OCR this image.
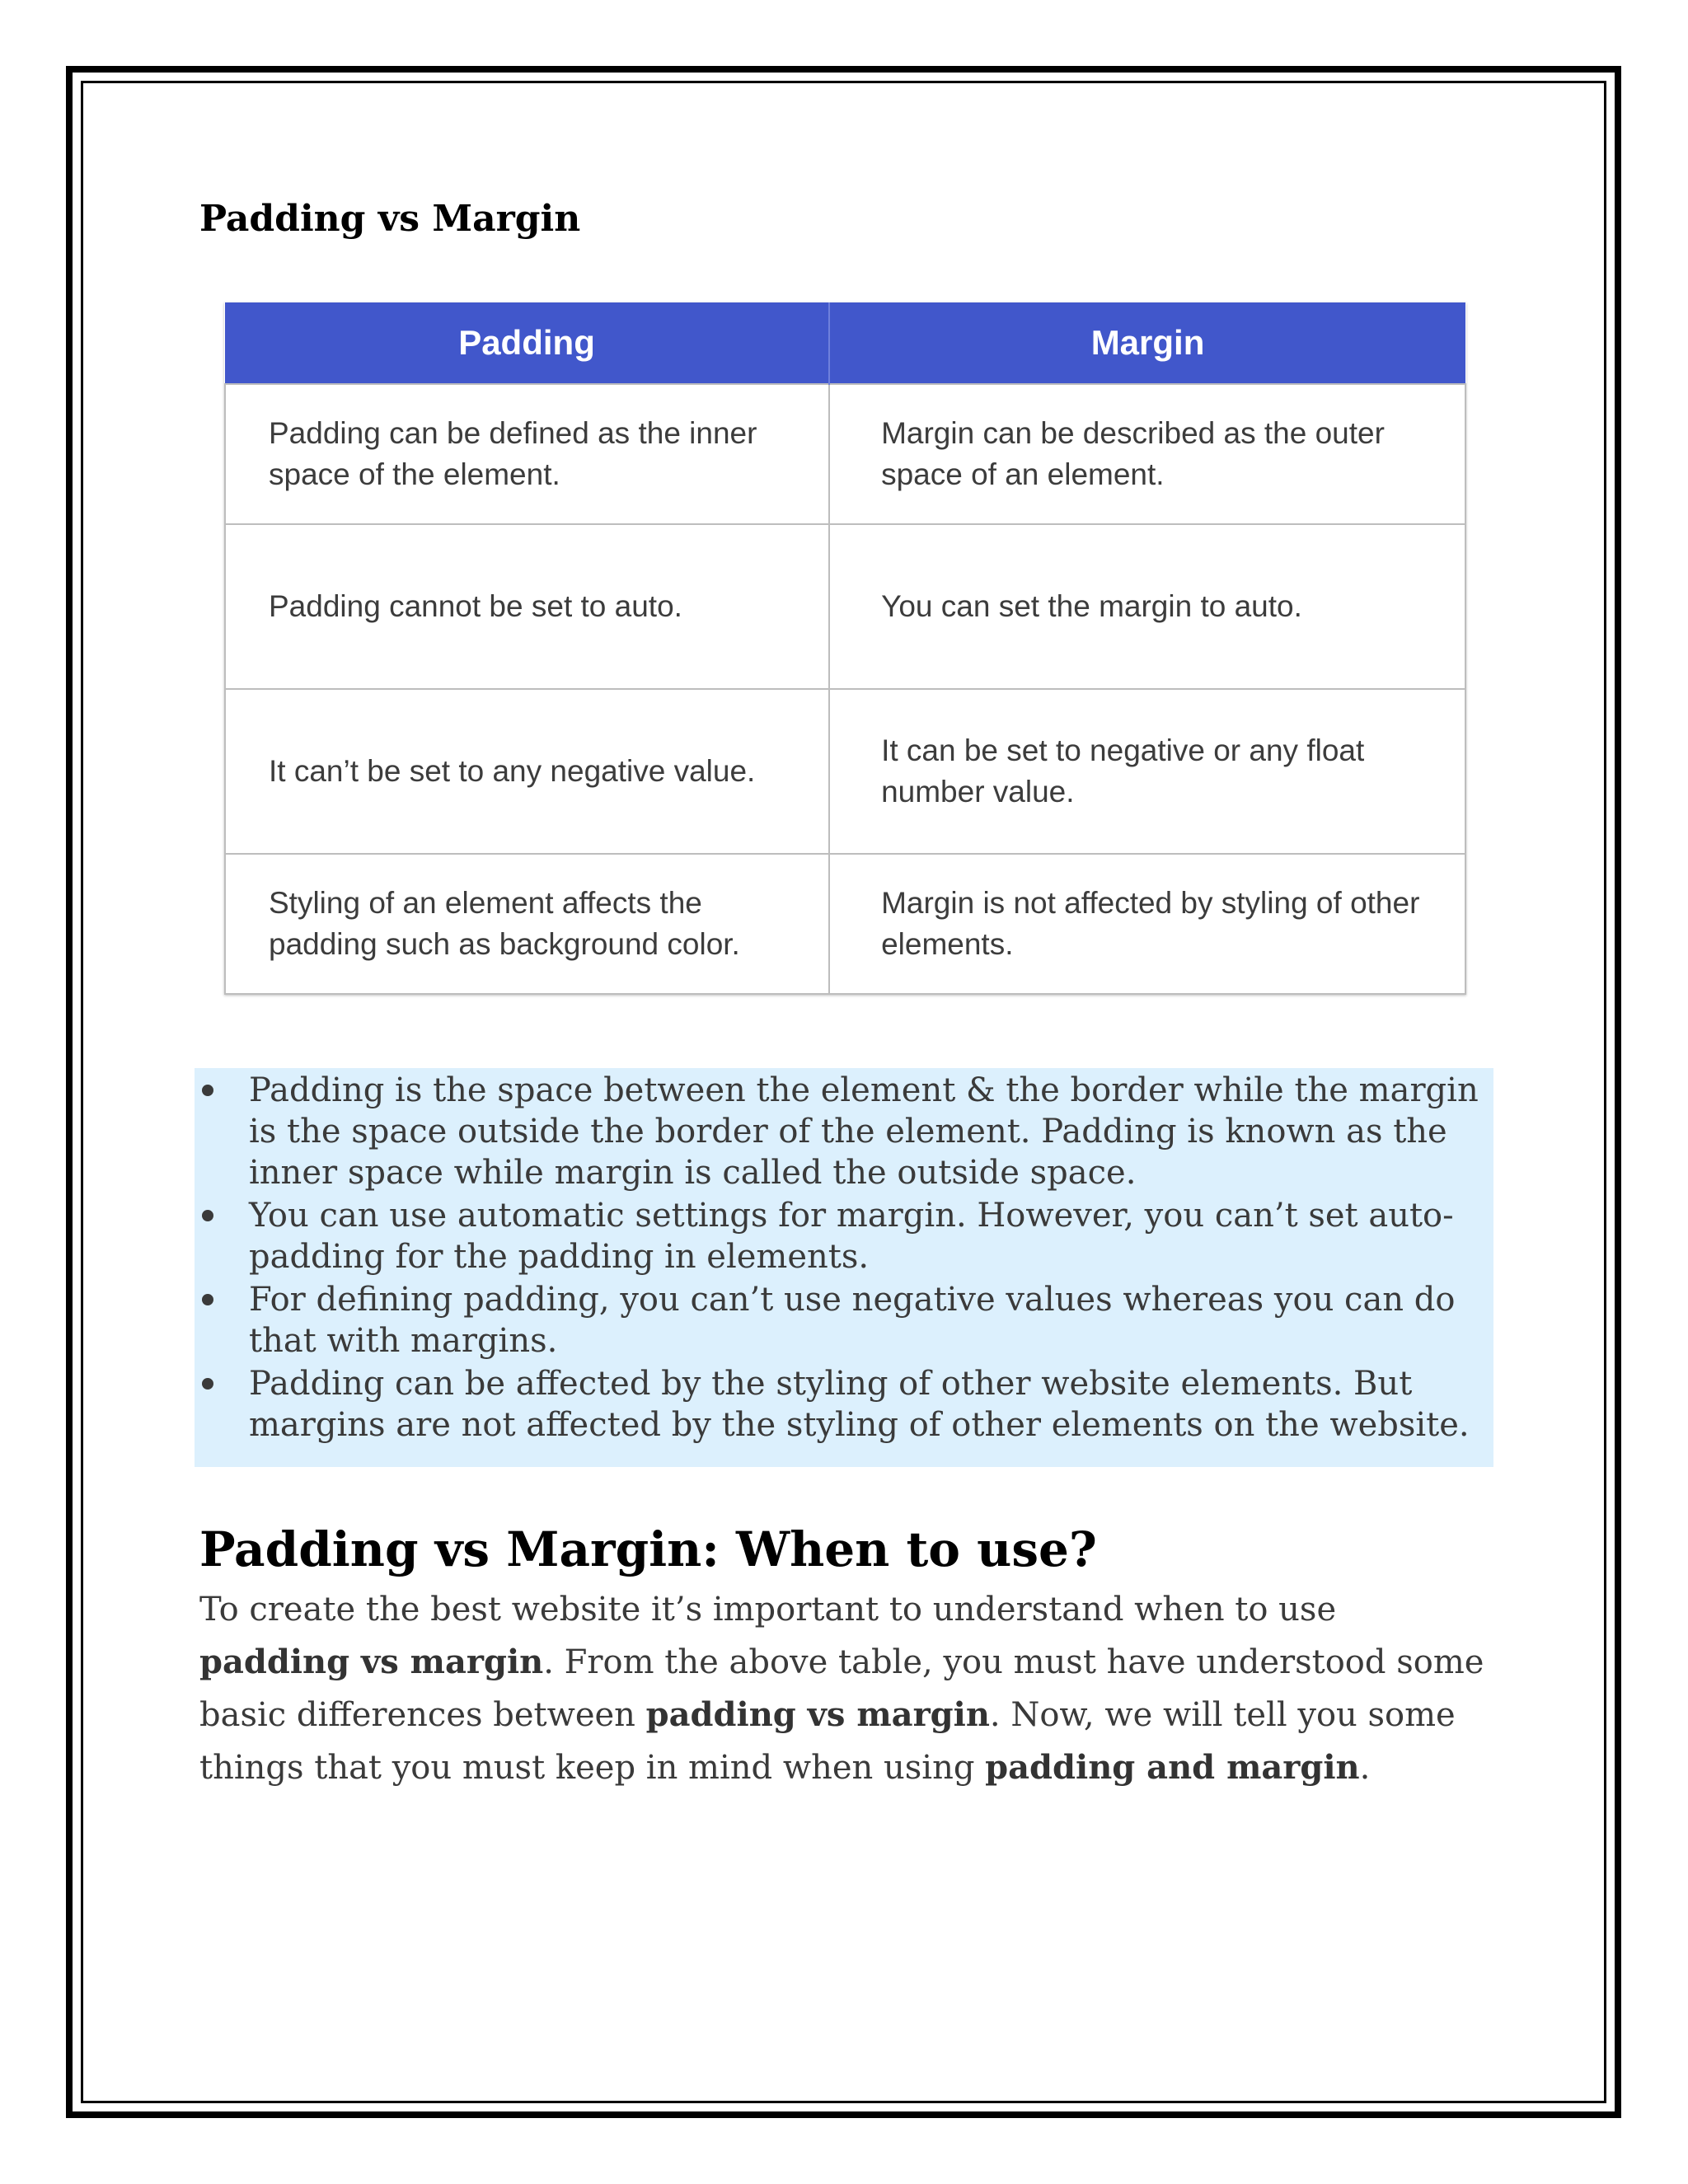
Padding vs Margin
Padding	Margin
Padding can be defined as the inner space of the element.	Margin can be described as the outer space of an element.
Padding cannot be set to auto.	You can set the margin to auto.
It can’t be set to any negative value.	It can be set to negative or any float number value.
Styling of an element affects the padding such as background color.	Margin is not affected by styling of other elements.
Padding is the space between the element & the border while the margin is the space outside the border of the element. Padding is known as the inner space while margin is called the outside space.
You can use automatic settings for margin. However, you can’t set auto-padding for the padding in elements.
For defining padding, you can’t use negative values whereas you can do that with margins.
Padding can be affected by the styling of other website elements. But margins are not affected by the styling of other elements on the website.
Padding vs Margin: When to use?

To create the best website it’s important to understand when to use padding vs margin. From the above table, you must have understood some basic differences between padding vs margin. Now, we will tell you some things that you must keep in mind when using padding and margin.
